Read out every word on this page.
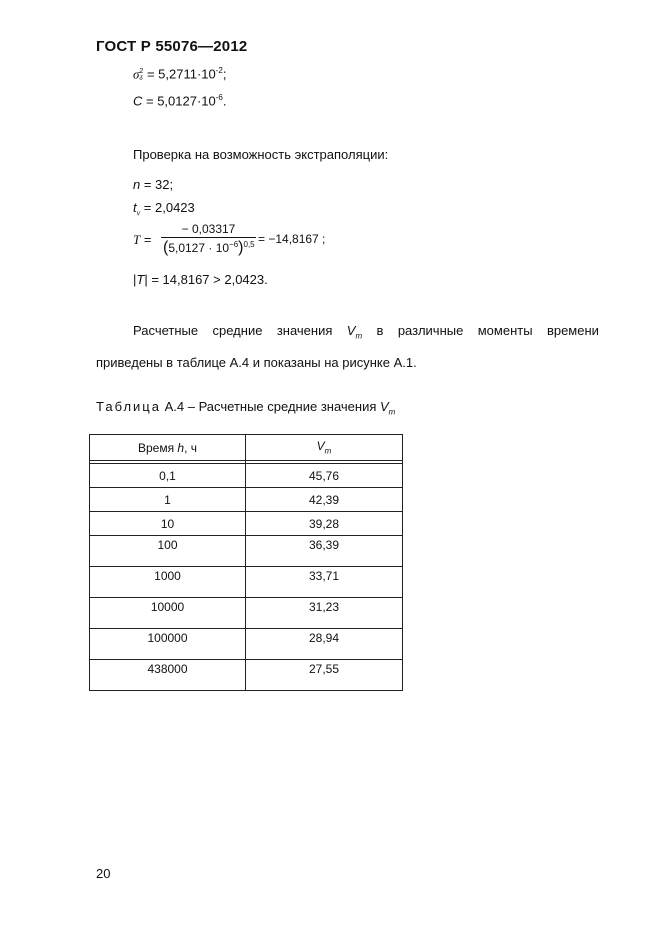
ГОСТ Р 55076—2012
σ 2
$\delta = 5,2711\cdot 10^{-2}$;
$C = 5,0127\cdot 10^{-6}$.
Проверка на возможность экстраполяции:
n = 32;
$t_v = 2,0423$
T =
− 0,03317
$(5,0127 \cdot 10^{-6})^{0,5} = -14,8167$ ;
|T| = 14,8167 > 2,0423.
Расчетные средние значения $V_m$ в различные моменты времени
приведены в таблице А.4 и показаны на рисунке А.1.
Таблица А.4 – Расчетные средние значения $V_m$
Время h, ч	$V_m$

0,1	45,76
1	42,39
10	39,28
100	36,39
1000	33,71
10000	31,23
100000	28,94
438000	27,55
20
